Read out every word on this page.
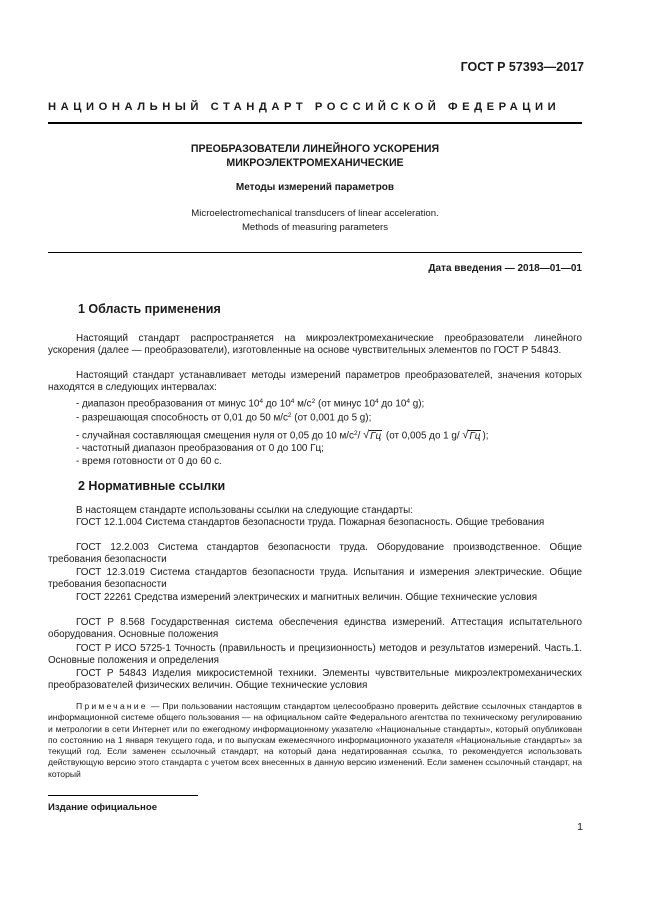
ГОСТ Р 57393—2017
НАЦИОНАЛЬНЫЙ СТАНДАРТ РОССИЙСКОЙ ФЕДЕРАЦИИ
ПРЕОБРАЗОВАТЕЛИ ЛИНЕЙНОГО УСКОРЕНИЯ
МИКРОЭЛЕКТРОМЕХАНИЧЕСКИЕ
Методы измерений параметров
Microelectromechanical transducers of linear acceleration.
Methods of measuring parameters
Дата введения — 2018—01—01
1 Область применения

Настоящий стандарт распространяется на микроэлектромеханические преобразователи линейного ускорения (далее — преобразователи), изготовленные на основе чувствительных элементов по ГОСТ Р 54843.

Настоящий стандарт устанавливает методы измерений параметров преобразователей, значения которых находятся в следующих интервалах:

- диапазон преобразования от минус $10^4$ до $10^4$ $м/с^2$ (от минус $10^4$ до $10^4$ g);
- разрешающая способность от 0,01 до 50 $м/с^2$ (от 0,001 до 5 g);
- случайная составляющая смещения нуля от 0,05 до 10 $м/с^2/$ √ Гц (от 0,005 до 1 g/ √ Гц );
- частотный диапазон преобразования от 0 до 100 Гц;
- время готовности от 0 до 60 с.
2 Нормативные ссылки

В настоящем стандарте использованы ссылки на следующие стандарты:

ГОСТ 12.1.004 Система стандартов безопасности труда. Пожарная безопасность. Общие требования

ГОСТ 12.2.003 Система стандартов безопасности труда. Оборудование производственное. Общие требования безопасности

ГОСТ 12.3.019 Система стандартов безопасности труда. Испытания и измерения электрические. Общие требования безопасности

ГОСТ 22261 Средства измерений электрических и магнитных величин. Общие технические условия

ГОСТ Р 8.568 Государственная система обеспечения единства измерений. Аттестация испытательного оборудования. Основные положения

ГОСТ Р ИСО 5725-1 Точность (правильность и прецизионность) методов и результатов измерений. Часть.1. Основные положения и определения

ГОСТ Р 54843 Изделия микросистемной техники. Элементы чувствительные микроэлектромеханических преобразователей физических величин. Общие технические условия

Примечание — При пользовании настоящим стандартом целесообразно проверить действие ссылочных стандартов в информационной системе общего пользования — на официальном сайте Федерального агентства по техническому регулированию и метрологии в сети Интернет или по ежегодному информационному указателю «Национальные стандарты», который опубликован по состоянию на 1 января текущего года, и по выпускам ежемесячного информационного указателя «Национальные стандарты» за текущий год. Если заменен ссылочный стандарт, на который дана недатированная ссылка, то рекомендуется использовать действующую версию этого стандарта с учетом всех внесенных в данную версию изменений. Если заменен ссылочный стандарт, на который

Издание официальное
1
